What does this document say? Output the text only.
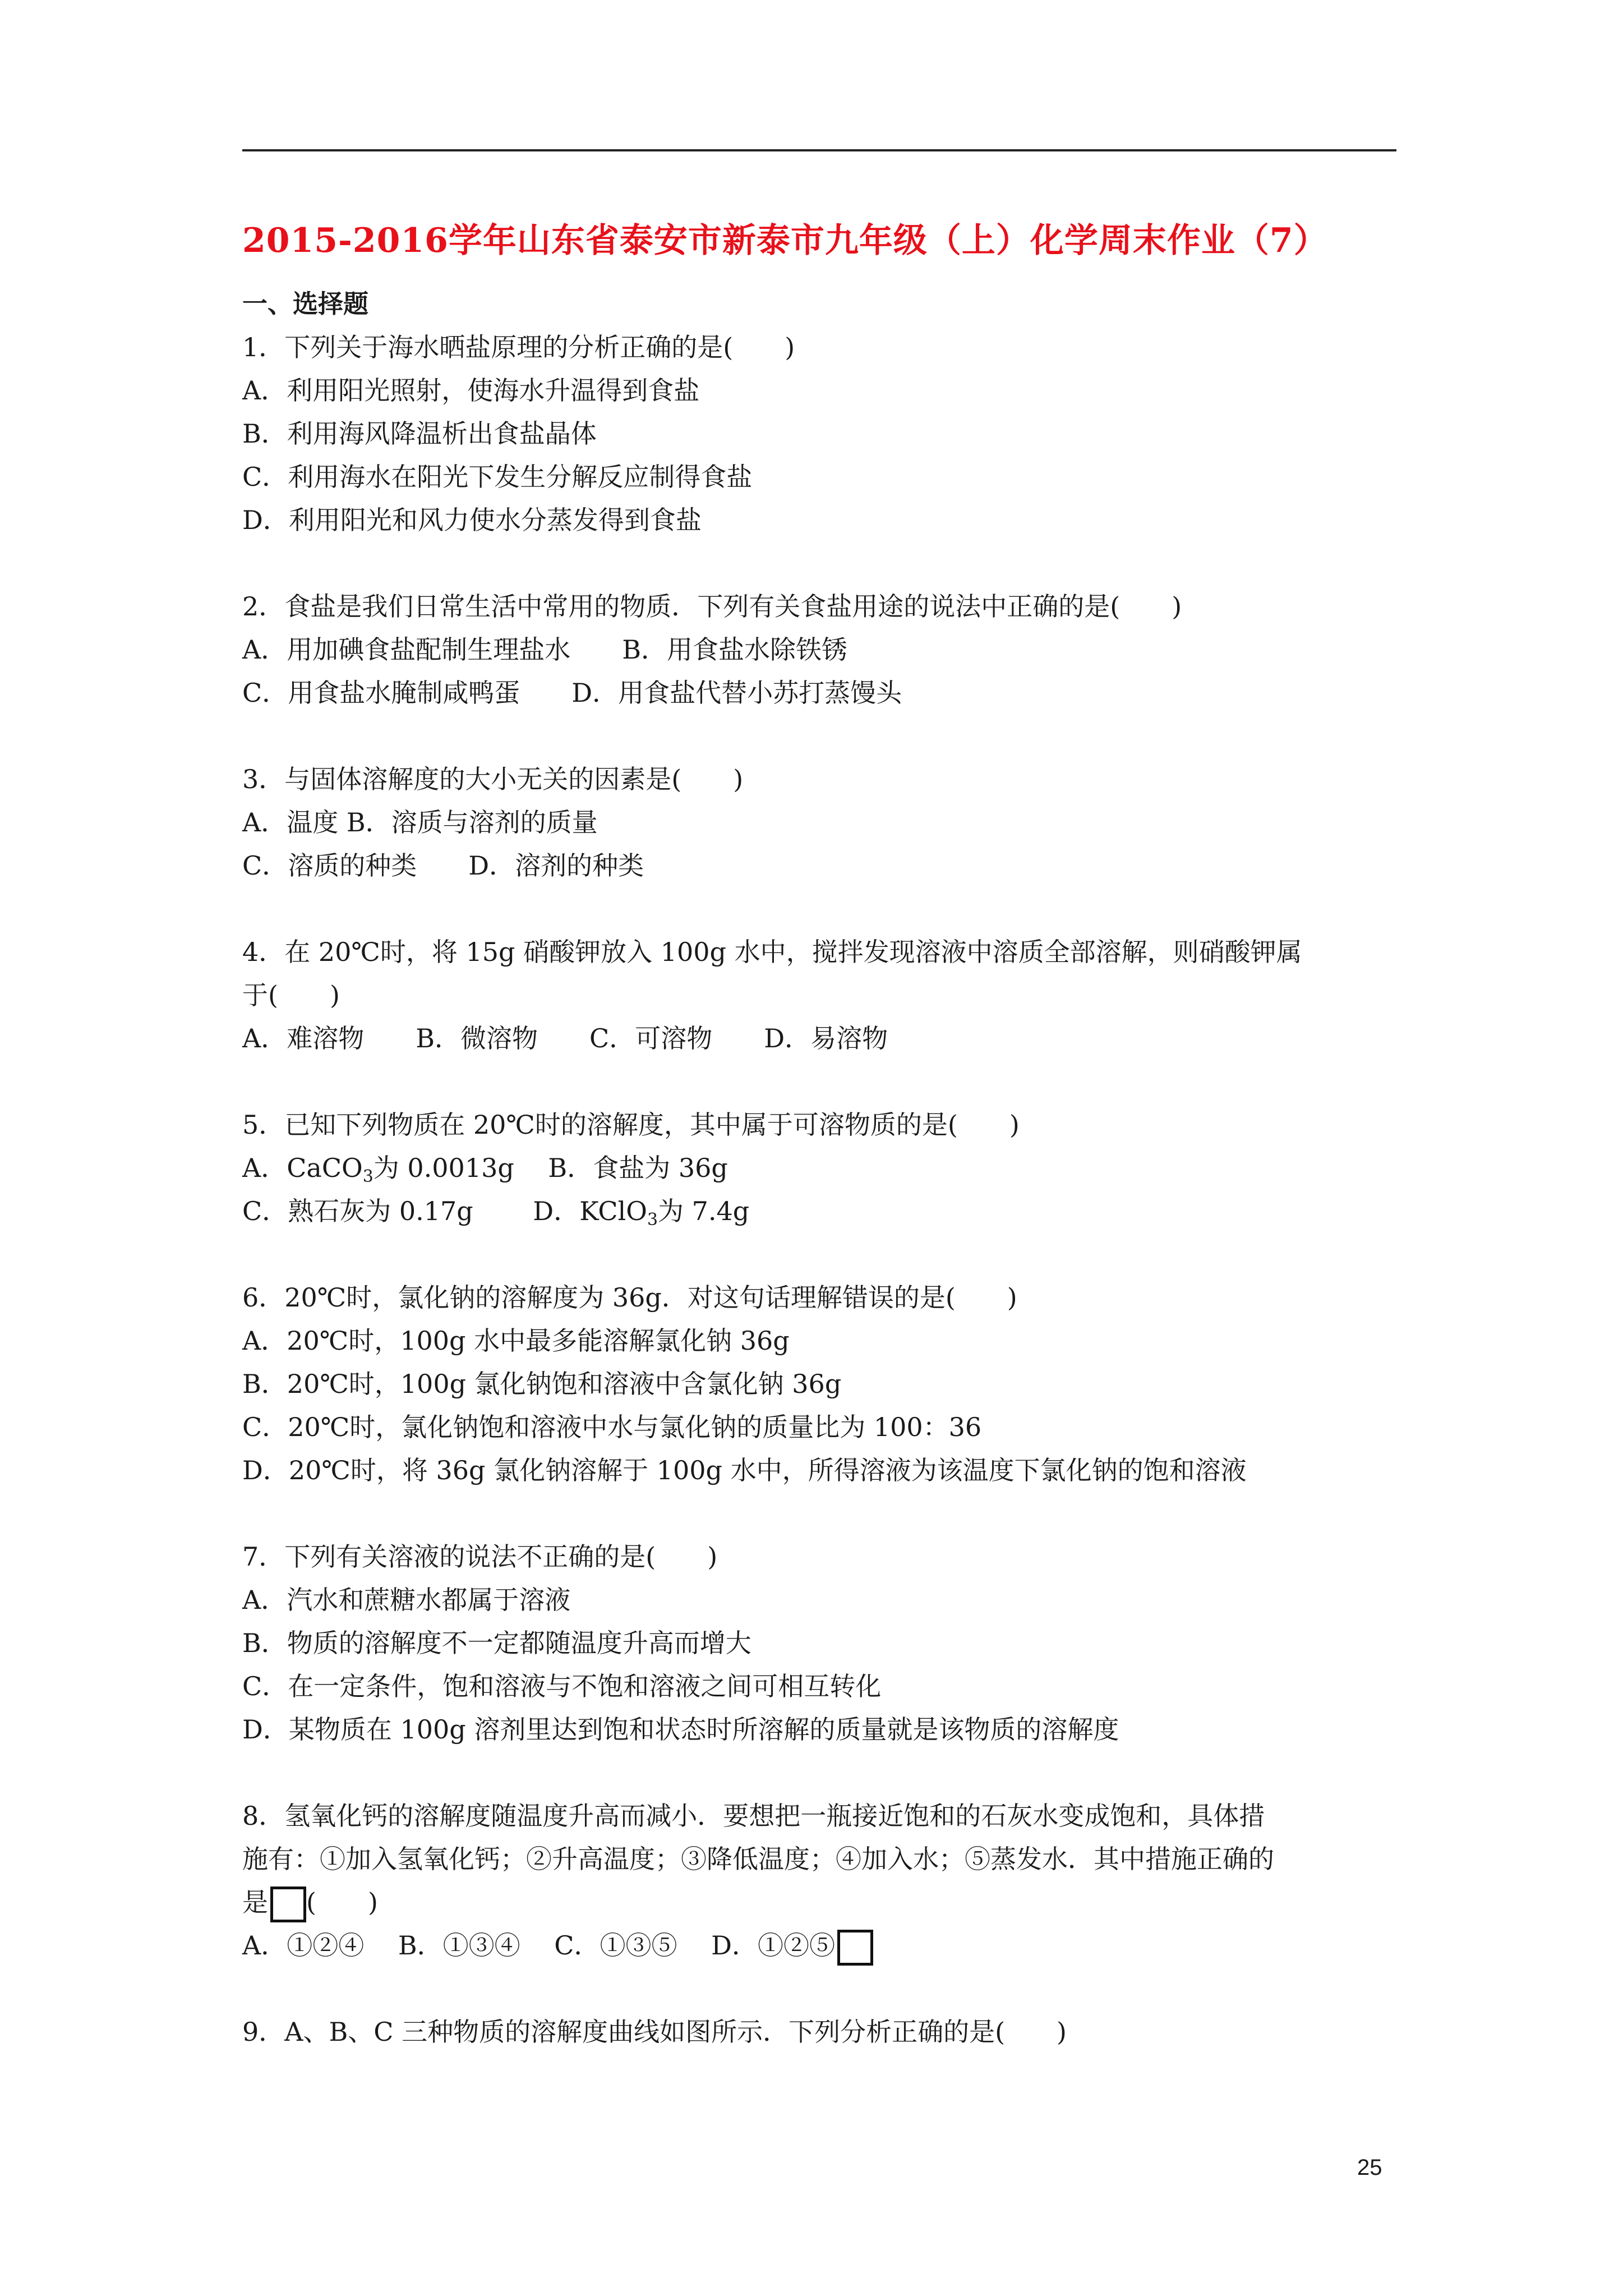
2015-2016学年山东省泰安市新泰市九年级（上）化学周末作业（7）
一、选择题
1．下列关于海水晒盐原理的分析正确的是(　　)
A．利用阳光照射，使海水升温得到食盐
B．利用海风降温析出食盐晶体
C．利用海水在阳光下发生分解反应制得食盐
D．利用阳光和风力使水分蒸发得到食盐
2．食盐是我们日常生活中常用的物质．下列有关食盐用途的说法中正确的是(　　)
A．用加碘食盐配制生理盐水　　B．用食盐水除铁锈
C．用食盐水腌制咸鸭蛋　　D．用食盐代替小苏打蒸馒头
3．与固体溶解度的大小无关的因素是(　　)
A．温度 B．溶质与溶剂的质量
C．溶质的种类　　D．溶剂的种类
4．在 20℃时，将 15g 硝酸钾放入 100g 水中，搅拌发现溶液中溶质全部溶解，则硝酸钾属
于(　　)
A．难溶物　　B．微溶物　　C．可溶物　　D．易溶物
5．已知下列物质在 20℃时的溶解度，其中属于可溶物质的是(　　)
A．CaCO$_3$为 0.0013g　 B．食盐为 36g
C．熟石灰为 0.17g　　 D．KClO$_3$为 7.4g
6．20℃时，氯化钠的溶解度为 36g．对这句话理解错误的是(　　)
A．20℃时，100g 水中最多能溶解氯化钠 36g
B．20℃时，100g 氯化钠饱和溶液中含氯化钠 36g
C．20℃时，氯化钠饱和溶液中水与氯化钠的质量比为 100：36
D．20℃时，将 36g 氯化钠溶解于 100g 水中，所得溶液为该温度下氯化钠的饱和溶液
7．下列有关溶液的说法不正确的是(　　)
A．汽水和蔗糖水都属于溶液
B．物质的溶解度不一定都随温度升高而增大
C．在一定条件，饱和溶液与不饱和溶液之间可相互转化
D．某物质在 100g 溶剂里达到饱和状态时所溶解的质量就是该物质的溶解度
8．氢氧化钙的溶解度随温度升高而减小．要想把一瓶接近饱和的石灰水变成饱和，具体措
施有：①加入氢氧化钙；②升高温度；③降低温度；④加入水；⑤蒸发水．其中措施正确的
是 (　　)
A．①②④　 B．①③④　 C．①③⑤　 D．①②⑤
9．A、B、C 三种物质的溶解度曲线如图所示．下列分析正确的是(　　)
25
